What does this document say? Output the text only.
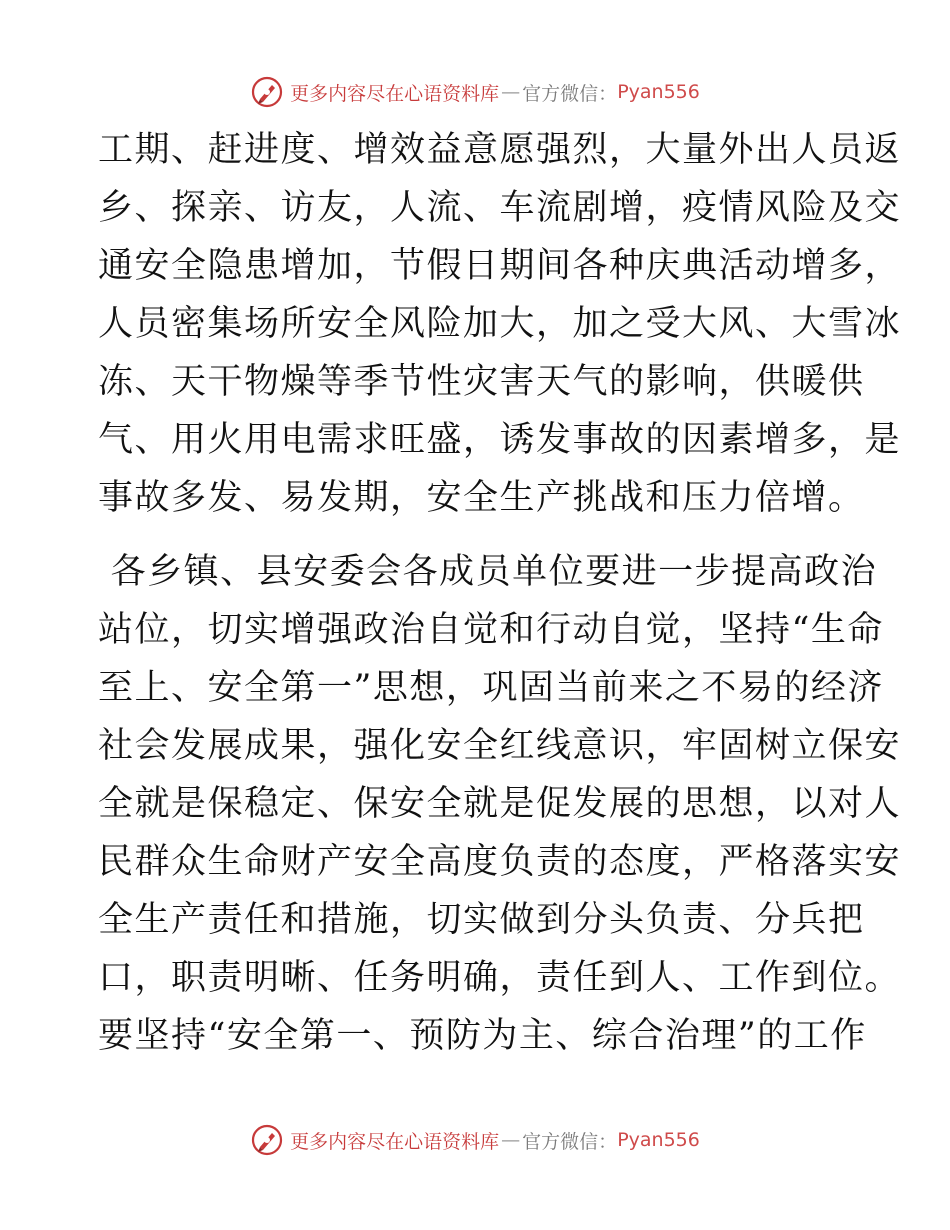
更多内容尽在心语资料库 — 官方微信： Pyan556
工期、赶进度、增效益意愿强烈，大量外出人员返
乡、探亲、访友，人流、车流剧增，疫情风险及交
通安全隐患增加，节假日期间各种庆典活动增多，
人员密集场所安全风险加大，加之受大风、大雪冰
冻、天干物燥等季节性灾害天气的影响，供暖供
气、用火用电需求旺盛，诱发事故的因素增多，是
事故多发、易发期，安全生产挑战和压力倍增。
各乡镇、县安委会各成员单位要进一步提高政治
站位，切实增强政治自觉和行动自觉，坚持“生命
至上、安全第一”思想，巩固当前来之不易的经济
社会发展成果，强化安全红线意识，牢固树立保安
全就是保稳定、保安全就是促发展的思想，以对人
民群众生命财产安全高度负责的态度，严格落实安
全生产责任和措施，切实做到分头负责、分兵把
口，职责明晰、任务明确，责任到人、工作到位。
要坚持“安全第一、预防为主、综合治理”的工作
更多内容尽在心语资料库 — 官方微信： Pyan556
